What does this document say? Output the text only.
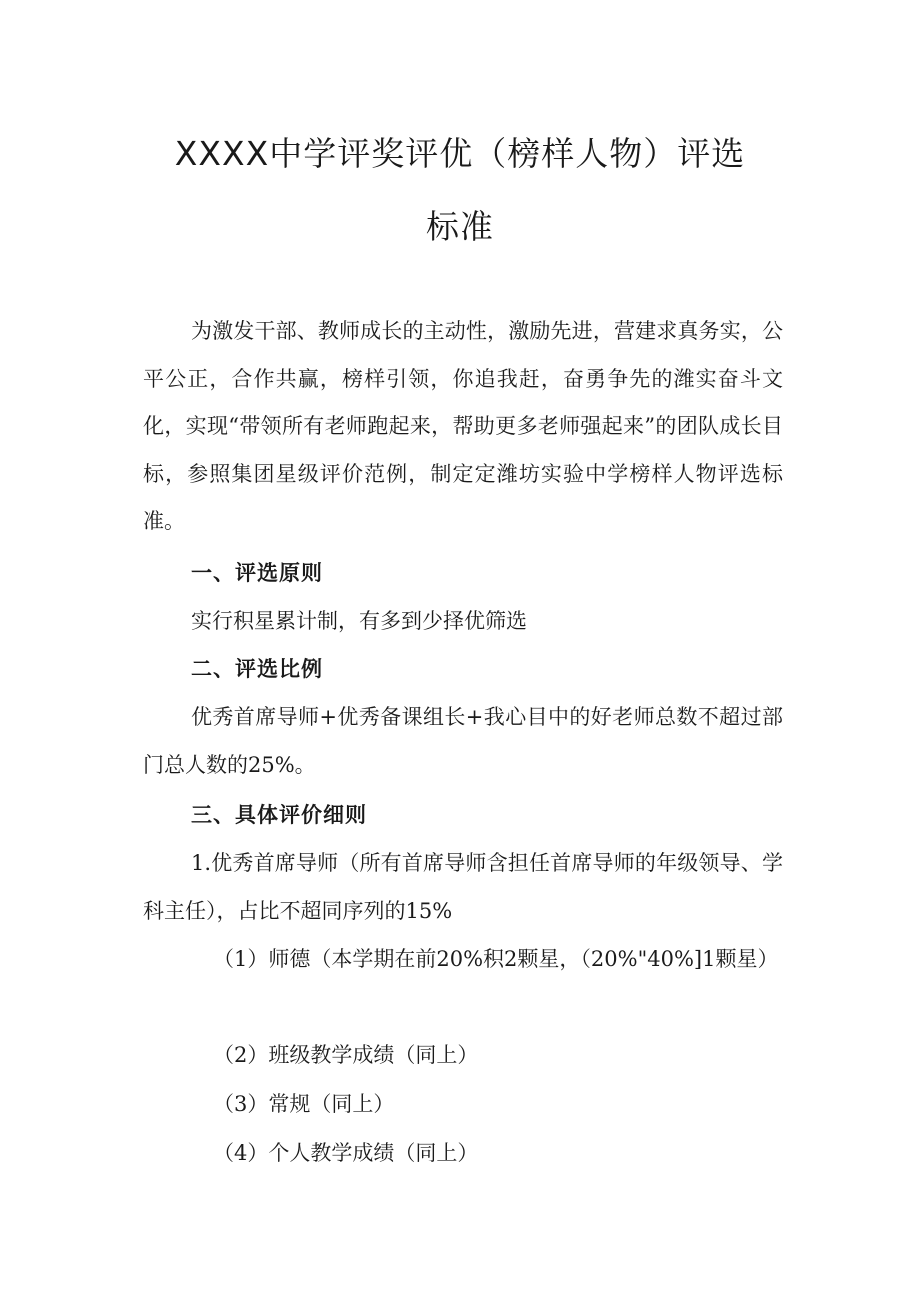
XXXX中学评奖评优（榜样人物）评选
标准

为激发干部、教师成长的主动性，激励先进，营建求真务实，公平公正，合作共赢，榜样引领，你追我赶，奋勇争先的潍实奋斗文化，实现“带领所有老师跑起来，帮助更多老师强起来”的团队成长目标，参照集团星级评价范例，制定定潍坊实验中学榜样人物评选标准。

一、评选原则

实行积星累计制，有多到少择优筛选

二、评选比例

优秀首席导师+优秀备课组长+我心目中的好老师总数不超过部门总人数的25%。

三、具体评价细则

1.优秀首席导师（所有首席导师含担任首席导师的年级领导、学科主任），占比不超同序列的15%

（1）师德（本学期在前20%积2颗星，（20%"40%]1颗星）

（2）班级教学成绩（同上）

（3）常规（同上）

（4）个人教学成绩（同上）
